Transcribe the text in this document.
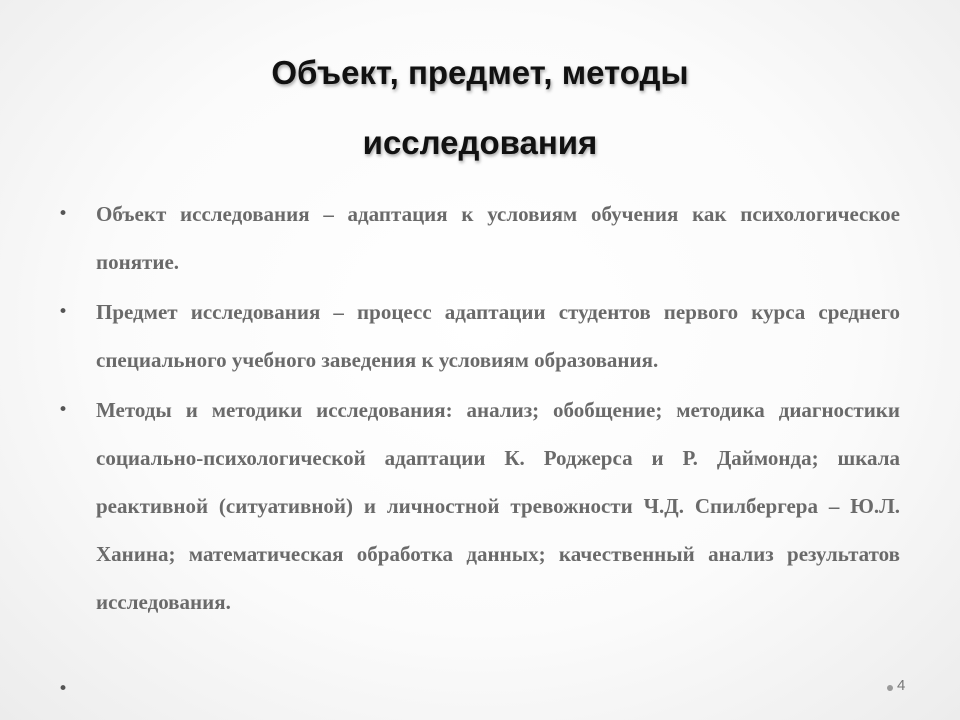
Объект, предмет, методы
исследования
• Объект исследования – адаптация к условиям обучения как психологическое понятие.
• Предмет исследования – процесс адаптации студентов первого курса среднего специального учебного заведения к условиям образования.
• Методы и методики исследования: анализ; обобщение; методика диагностики социально-психологической адаптации К. Роджерса и Р. Даймонда; шкала реактивной (ситуативной) и личностной тревожности Ч.Д. Спилбергера – Ю.Л. Ханина; математическая обработка данных; качественный анализ результатов исследования.
•	4
